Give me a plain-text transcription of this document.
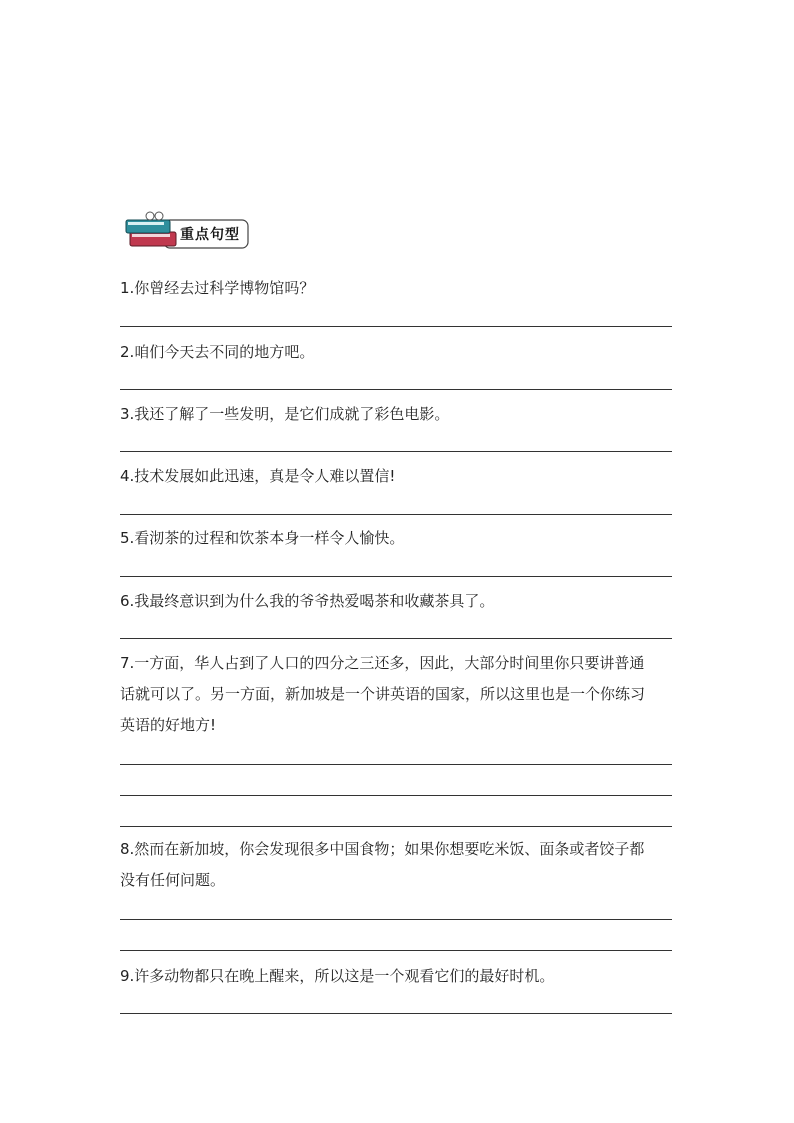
重点句型
1.你曾经去过科学博物馆吗？
2.咱们今天去不同的地方吧。
3.我还了解了一些发明，是它们成就了彩色电影。
4.技术发展如此迅速，真是令人难以置信!
5.看沏茶的过程和饮茶本身一样令人愉快。
6.我最终意识到为什么我的爷爷热爱喝茶和收藏茶具了。
7.一方面，华人占到了人口的四分之三还多，因此，大部分时间里你只要讲普通
话就可以了。另一方面，新加坡是一个讲英语的国家，所以这里也是一个你练习
英语的好地方!
8.然而在新加坡，你会发现很多中国食物；如果你想要吃米饭、面条或者饺子都
没有任何问题。
9.许多动物都只在晚上醒来，所以这是一个观看它们的最好时机。
